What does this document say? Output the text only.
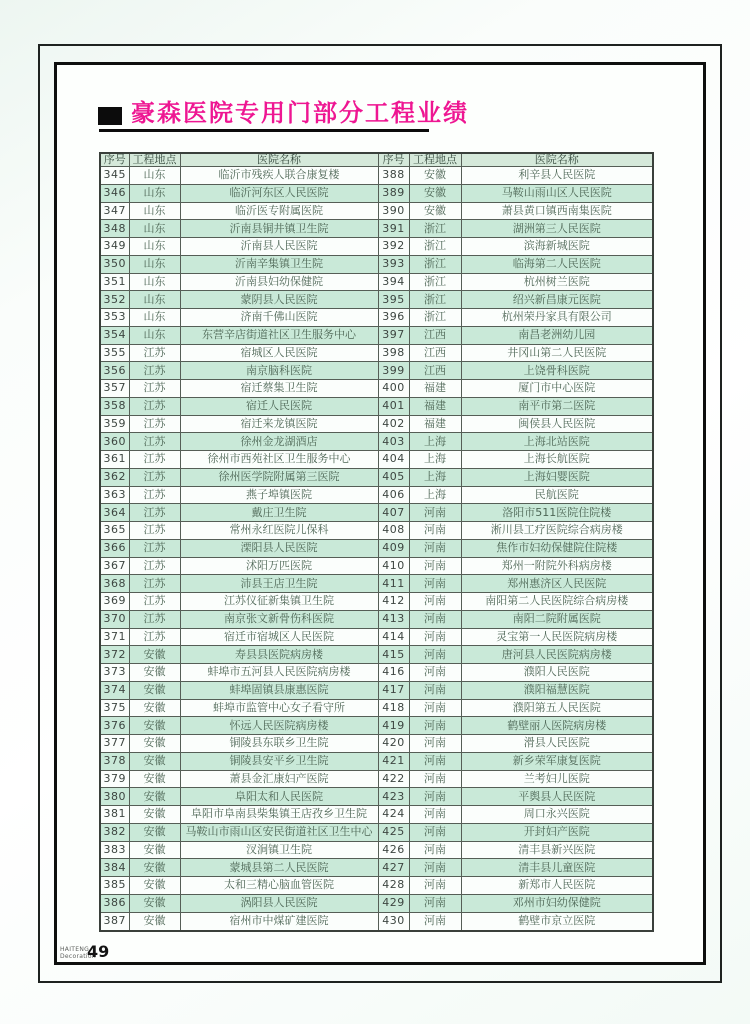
豪森医院专用门部分工程业绩
序号	工程地点	医院名称	序号	工程地点	医院名称
345	山东	临沂市残疾人联合康复楼	388	安徽	利辛县人民医院
346	山东	临沂河东区人民医院	389	安徽	马鞍山雨山区人民医院
347	山东	临沂医专附属医院	390	安徽	萧县黄口镇西南集医院
348	山东	沂南县铜井镇卫生院	391	浙江	湖洲第三人民医院
349	山东	沂南县人民医院	392	浙江	滨海新城医院
350	山东	沂南辛集镇卫生院	393	浙江	临海第二人民医院
351	山东	沂南县妇幼保健院	394	浙江	杭州树兰医院
352	山东	蒙阴县人民医院	395	浙江	绍兴新昌康元医院
353	山东	济南千佛山医院	396	浙江	杭州荣丹家具有限公司
354	山东	东营辛店街道社区卫生服务中心	397	江西	南昌老洲幼儿园
355	江苏	宿城区人民医院	398	江西	井冈山第二人民医院
356	江苏	南京脑科医院	399	江西	上饶骨科医院
357	江苏	宿迁蔡集卫生院	400	福建	厦门市中心医院
358	江苏	宿迁人民医院	401	福建	南平市第二医院
359	江苏	宿迁来龙镇医院	402	福建	闽侯县人民医院
360	江苏	徐州金龙湖酒店	403	上海	上海北站医院
361	江苏	徐州市西苑社区卫生服务中心	404	上海	上海长航医院
362	江苏	徐州医学院附属第三医院	405	上海	上海妇婴医院
363	江苏	燕子埠镇医院	406	上海	民航医院
364	江苏	戴庄卫生院	407	河南	洛阳市511医院住院楼
365	江苏	常州永红医院儿保科	408	河南	淅川县工疗医院综合病房楼
366	江苏	溧阳县人民医院	409	河南	焦作市妇幼保健院住院楼
367	江苏	沭阳万匹医院	410	河南	郑州一附院外科病房楼
368	江苏	沛县王店卫生院	411	河南	郑州惠济区人民医院
369	江苏	江苏仪征新集镇卫生院	412	河南	南阳第二人民医院综合病房楼
370	江苏	南京张文新骨伤科医院	413	河南	南阳二院附属医院
371	江苏	宿迁市宿城区人民医院	414	河南	灵宝第一人民医院病房楼
372	安徽	寿县县医院病房楼	415	河南	唐河县人民医院病房楼
373	安徽	蚌埠市五河县人民医院病房楼	416	河南	濮阳人民医院
374	安徽	蚌埠固镇县康惠医院	417	河南	濮阳福慧医院
375	安徽	蚌埠市监管中心女子看守所	418	河南	濮阳第五人民医院
376	安徽	怀远人民医院病房楼	419	河南	鹤壁丽人医院病房楼
377	安徽	铜陵县东联乡卫生院	420	河南	滑县人民医院
378	安徽	铜陵县安平乡卫生院	421	河南	新乡荣军康复医院
379	安徽	萧县金汇康妇产医院	422	河南	兰考妇儿医院
380	安徽	阜阳太和人民医院	423	河南	平舆县人民医院
381	安徽	阜阳市阜南县柴集镇王店孜乡卫生院	424	河南	周口永兴医院
382	安徽	马鞍山市雨山区安民街道社区卫生中心	425	河南	开封妇产医院
383	安徽	汊涧镇卫生院	426	河南	清丰县新兴医院
384	安徽	蒙城县第二人民医院	427	河南	清丰县儿童医院
385	安徽	太和三精心脑血管医院	428	河南	新郑市人民医院
386	安徽	涡阳县人民医院	429	河南	邓州市妇幼保健院
387	安徽	宿州市中煤矿建医院	430	河南	鹤壁市京立医院
HAITENG
Decoration
49
